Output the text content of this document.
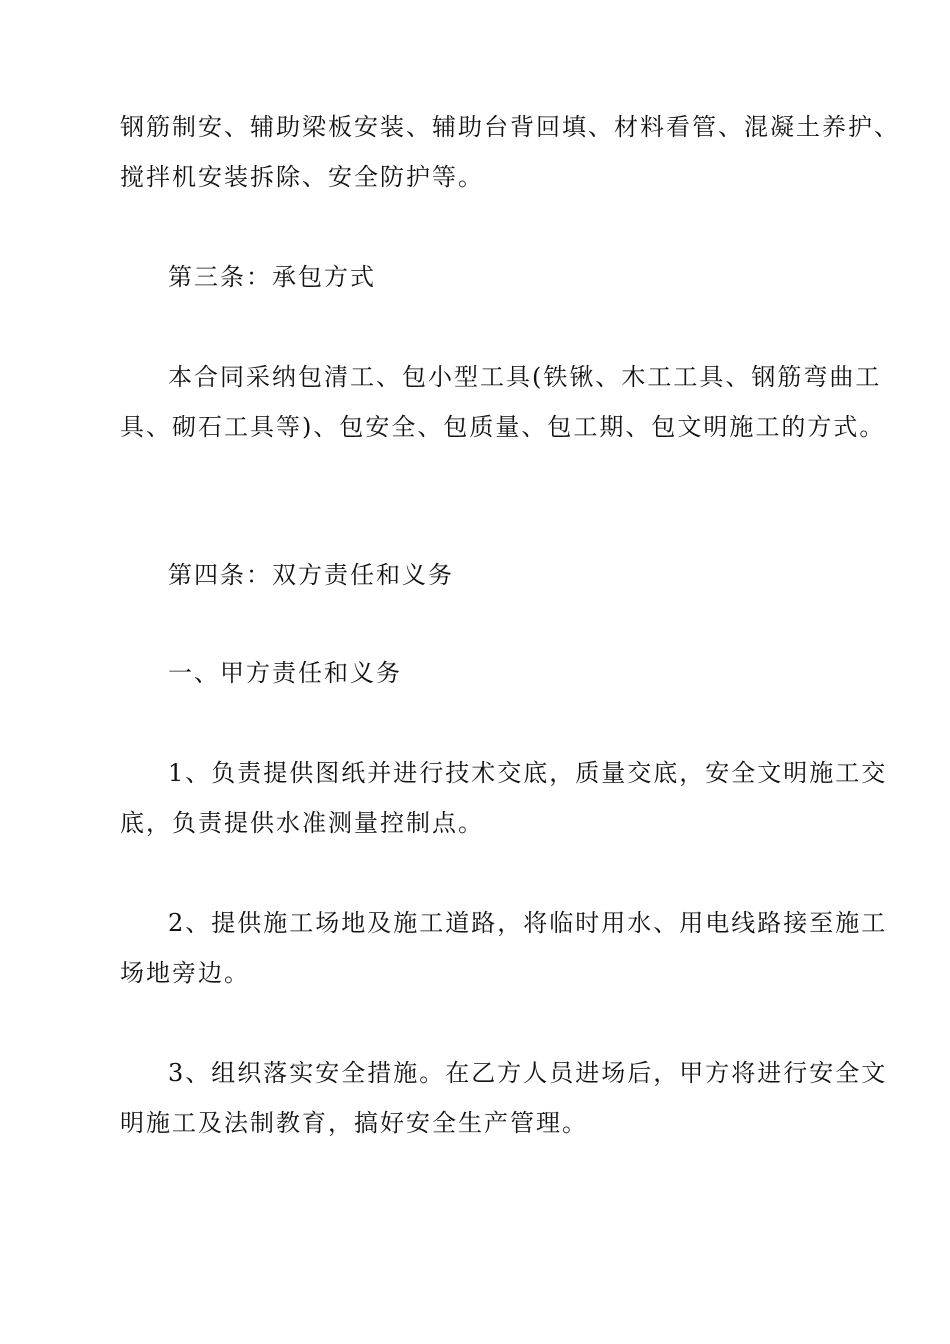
钢筋制安、辅助梁板安装、辅助台背回填、材料看管、混凝土养护、
搅拌机安装拆除、安全防护等。
第三条：承包方式
本合同采纳包清工、包小型工具(铁锹、木工工具、钢筋弯曲工
具、砌石工具等)、包安全、包质量、包工期、包文明施工的方式。
第四条：双方责任和义务
一、甲方责任和义务
1、负责提供图纸并进行技术交底，质量交底，安全文明施工交
底，负责提供水准测量控制点。
2、提供施工场地及施工道路，将临时用水、用电线路接至施工
场地旁边。
3、组织落实安全措施。在乙方人员进场后，甲方将进行安全文
明施工及法制教育，搞好安全生产管理。
